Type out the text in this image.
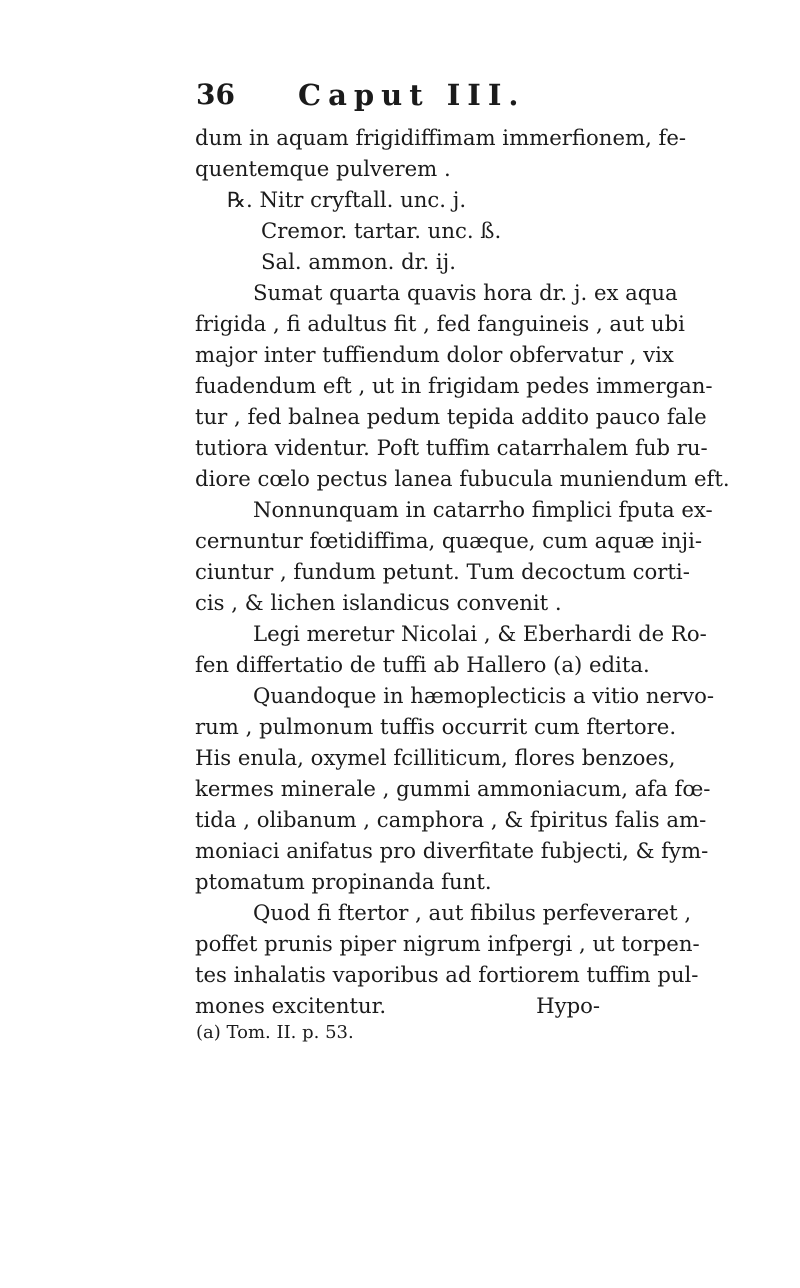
36 Caput III.
dum in aquam frigidiffimam immerfionem, fe-
quentemque pulverem .
℞. Nitr cryftall. unc. j.
Cremor. tartar. unc. ß.
Sal. ammon. dr. ij.
Sumat quarta quavis hora dr. j. ex aqua
frigida , fi adultus fit , fed fanguineis , aut ubi
major inter tuffiendum dolor obfervatur , vix
fuadendum eft , ut in frigidam pedes immergan-
tur , fed balnea pedum tepida addito pauco fale
tutiora videntur. Poft tuffim catarrhalem fub ru-
diore cœlo pectus lanea fubucula muniendum eft.
Nonnunquam in catarrho fimplici fputa ex-
cernuntur fœtidiffima, quæque, cum aquæ inji-
ciuntur , fundum petunt. Tum decoctum corti-
cis , & lichen islandicus convenit .
Legi meretur Nicolai , & Eberhardi de Ro-
fen differtatio de tuffi ab Hallero (a) edita.
Quandoque in hæmoplecticis a vitio nervo-
rum , pulmonum tuffis occurrit cum ftertore.
His enula, oxymel fcilliticum, flores benzoes,
kermes minerale , gummi ammoniacum, afa fœ-
tida , olibanum , camphora , & fpiritus falis am-
moniaci anifatus pro diverfitate fubjecti, & fym-
ptomatum propinanda funt.
Quod fi ftertor , aut fibilus perfeveraret ,
poffet prunis piper nigrum infpergi , ut torpen-
tes inhalatis vaporibus ad fortiorem tuffim pul-
mones excitentur.	Hypo-
(a) Tom. II. p. 53.
